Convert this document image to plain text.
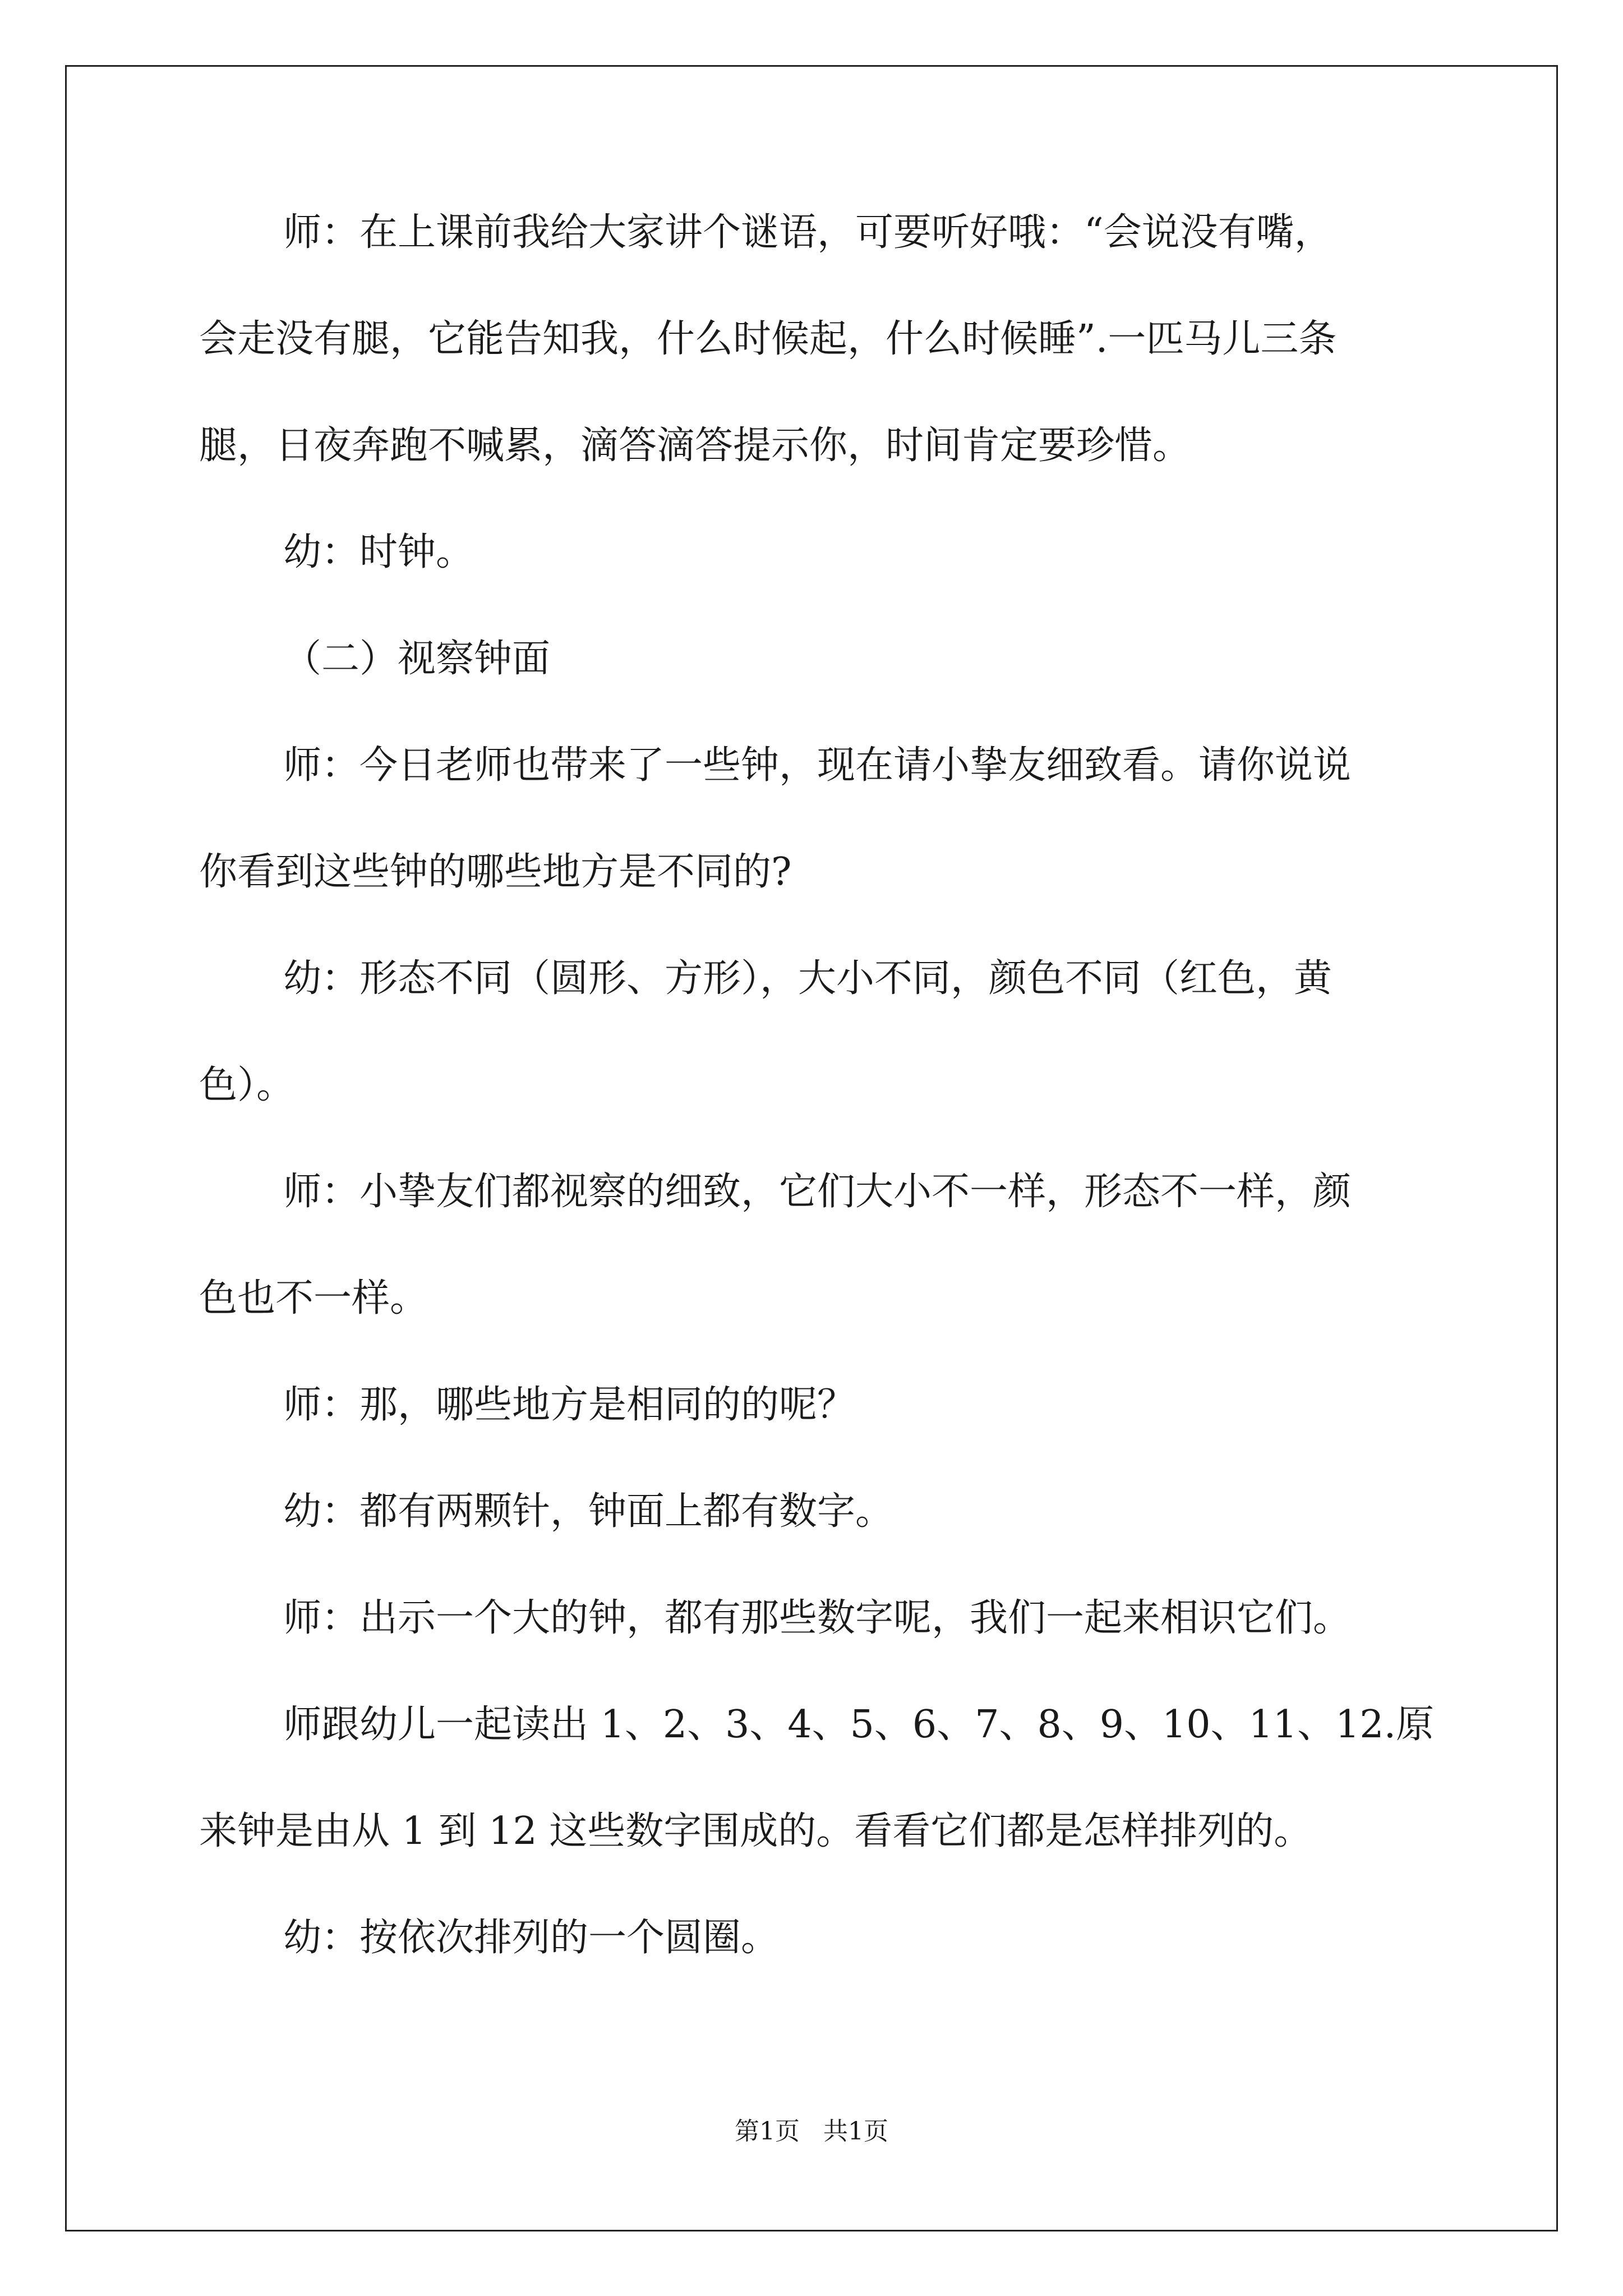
师：在上课前我给大家讲个谜语，可要听好哦：“会说没有嘴，
会走没有腿，它能告知我，什么时候起，什么时候睡”.一匹马儿三条
腿，日夜奔跑不喊累，滴答滴答提示你，时间肯定要珍惜。
幼：时钟。
（二）视察钟面
师：今日老师也带来了一些钟，现在请小挚友细致看。请你说说
你看到这些钟的哪些地方是不同的?
幼：形态不同（圆形、方形），大小不同，颜色不同（红色，黄
色）。
师：小挚友们都视察的细致，它们大小不一样，形态不一样，颜
色也不一样。
师：那，哪些地方是相同的的呢？
幼：都有两颗针，钟面上都有数字。
师：出示一个大的钟，都有那些数字呢，我们一起来相识它们。
师跟幼儿一起读出 1、2、3、4、5、6、7、8、9、10、11、12.原
来钟是由从 1 到 12 这些数字围成的。看看它们都是怎样排列的。
幼：按依次排列的一个圆圈。
第1页   共1页
